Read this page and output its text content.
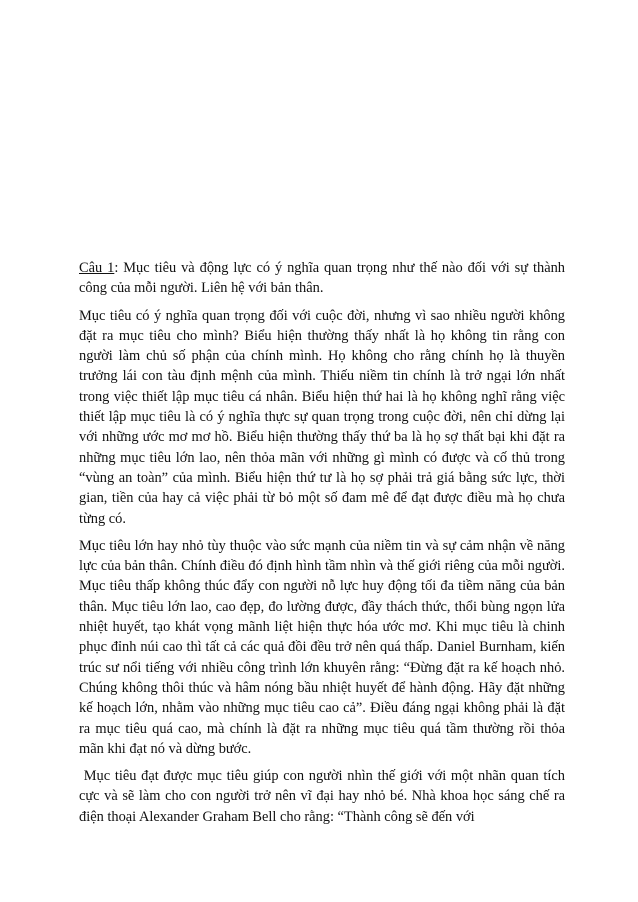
Câu 1: Mục tiêu và động lực có ý nghĩa quan trọng như thế nào đối với sự thành công của mỗi người. Liên hệ với bản thân.

Mục tiêu có ý nghĩa quan trọng đối với cuộc đời, nhưng vì sao nhiều người không đặt ra mục tiêu cho mình? Biểu hiện thường thấy nhất là họ không tin rằng con người làm chủ số phận của chính mình. Họ không cho rằng chính họ là thuyền trưởng lái con tàu định mệnh của mình. Thiếu niềm tin chính là trở ngại lớn nhất trong việc thiết lập mục tiêu cá nhân. Biểu hiện thứ hai là họ không nghĩ rằng việc thiết lập mục tiêu là có ý nghĩa thực sự quan trọng trong cuộc đời, nên chỉ dừng lại với những ước mơ mơ hồ. Biểu hiện thường thấy thứ ba là họ sợ thất bại khi đặt ra những mục tiêu lớn lao, nên thỏa mãn với những gì mình có được và cố thủ trong “vùng an toàn” của mình. Biểu hiện thứ tư là họ sợ phải trả giá bằng sức lực, thời gian, tiền của hay cả việc phải từ bỏ một số đam mê để đạt được điều mà họ chưa từng có.

Mục tiêu lớn hay nhỏ tùy thuộc vào sức mạnh của niềm tin và sự cảm nhận về năng lực của bản thân. Chính điều đó định hình tầm nhìn và thế giới riêng của mỗi người. Mục tiêu thấp không thúc đẩy con người nỗ lực huy động tối đa tiềm năng của bản thân. Mục tiêu lớn lao, cao đẹp, đo lường được, đầy thách thức, thổi bùng ngọn lửa nhiệt huyết, tạo khát vọng mãnh liệt hiện thực hóa ước mơ. Khi mục tiêu là chinh phục đỉnh núi cao thì tất cả các quả đồi đều trở nên quá thấp. Daniel Burnham, kiến trúc sư nổi tiếng với nhiều công trình lớn khuyên rằng: “Đừng đặt ra kế hoạch nhỏ. Chúng không thôi thúc và hâm nóng bầu nhiệt huyết để hành động. Hãy đặt những kế hoạch lớn, nhằm vào những mục tiêu cao cả”. Điều đáng ngại không phải là đặt ra mục tiêu quá cao, mà chính là đặt ra những mục tiêu quá tầm thường rồi thỏa mãn khi đạt nó và dừng bước.

Mục tiêu đạt được mục tiêu giúp con người nhìn thế giới với một nhãn quan tích cực và sẽ làm cho con người trở nên vĩ đại hay nhỏ bé. Nhà khoa học sáng chế ra điện thoại Alexander Graham Bell cho rằng: “Thành công sẽ đến với
